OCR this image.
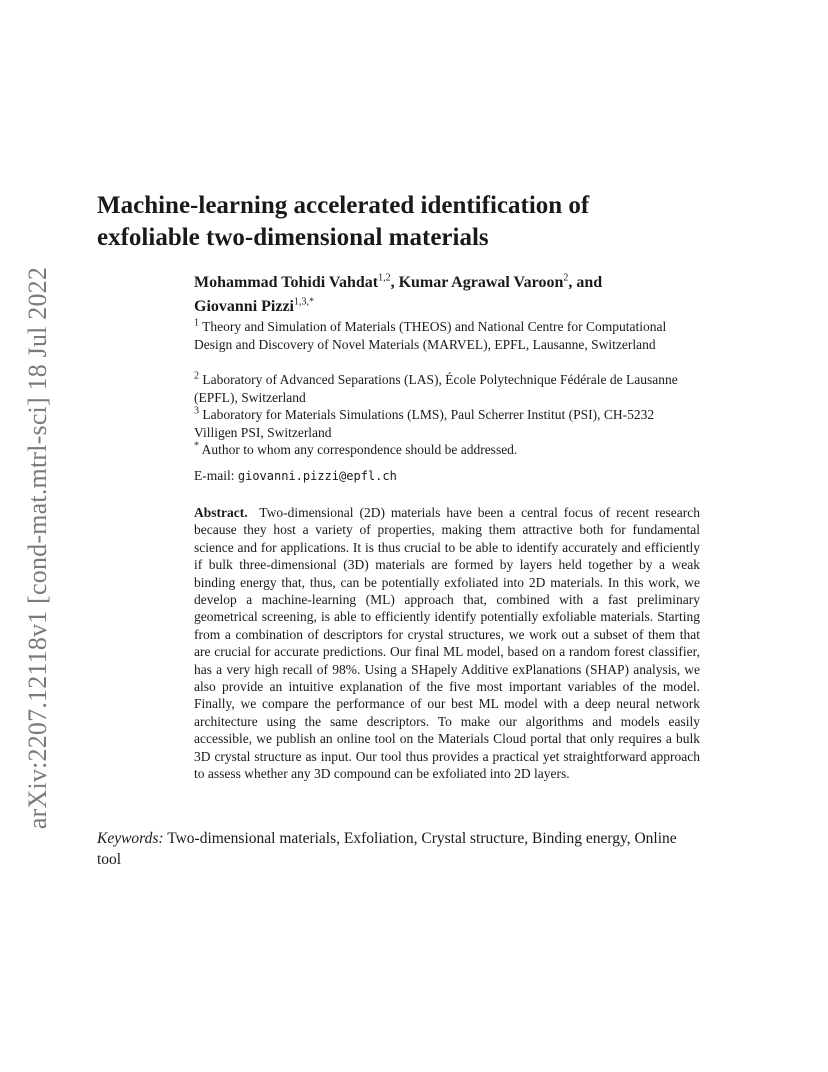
arXiv:2207.12118v1 [cond-mat.mtrl-sci] 18 Jul 2022
Machine-learning accelerated identification of
exfoliable two-dimensional materials
Mohammad Tohidi Vahdat$^{1,2}$, Kumar Agrawal Varoon$^2$, and
Giovanni Pizzi$^{1,3,*}$
$^1$ Theory and Simulation of Materials (THEOS) and National Centre for Computational Design and Discovery of Novel Materials (MARVEL), EPFL, Lausanne, Switzerland
$^2$ Laboratory of Advanced Separations (LAS), École Polytechnique Fédérale de Lausanne (EPFL), Switzerland
$^3$ Laboratory for Materials Simulations (LMS), Paul Scherrer Institut (PSI), CH-5232 Villigen PSI, Switzerland
* Author to whom any correspondence should be addressed.
E-mail: giovanni.pizzi@epfl.ch
Abstract. Two-dimensional (2D) materials have been a central focus of recent research because they host a variety of properties, making them attractive both for fundamental science and for applications. It is thus crucial to be able to identify accurately and efficiently if bulk three-dimensional (3D) materials are formed by layers held together by a weak binding energy that, thus, can be potentially exfoliated into 2D materials. In this work, we develop a machine-learning (ML) approach that, combined with a fast preliminary geometrical screening, is able to efficiently identify potentially exfoliable materials. Starting from a combination of descriptors for crystal structures, we work out a subset of them that are crucial for accurate predictions. Our final ML model, based on a random forest classifier, has a very high recall of 98%. Using a SHapely Additive exPlanations (SHAP) analysis, we also provide an intuitive explanation of the five most important variables of the model. Finally, we compare the performance of our best ML model with a deep neural network architecture using the same descriptors. To make our algorithms and models easily accessible, we publish an online tool on the Materials Cloud portal that only requires a bulk 3D crystal structure as input. Our tool thus provides a practical yet straightforward approach to assess whether any 3D compound can be exfoliated into 2D layers.
Keywords: Two-dimensional materials, Exfoliation, Crystal structure, Binding energy, Online tool
